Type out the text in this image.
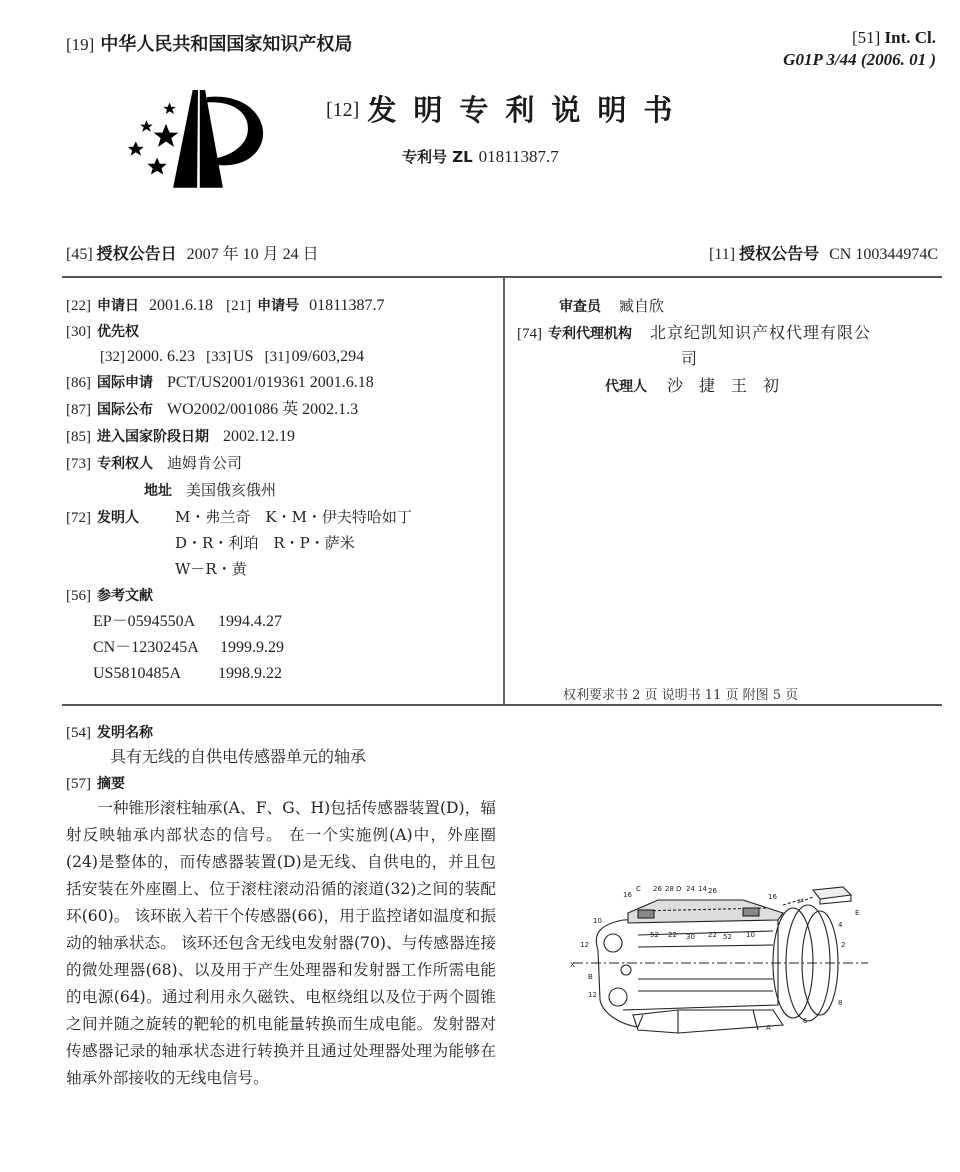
[19] 中华人民共和国国家知识产权局	[51] Int. Cl.
G01P 3/44 (2006. 01 )
[12] 发明专利说明书
专利号 ZL 01811387.7
[45] 授权公告日 2007 年 10 月 24 日	[11] 授权公告号 CN 100344974C
[22] 申请日 2001.6.18 [21] 申请号 01811387.7
[30] 优先权
[32] 2000. 6.23 [33] US [31] 09/603,294
[86] 国际申请 PCT/US2001/019361 2001.6.18
[87] 国际公布 WO2002/001086 英 2002.1.3
[85] 进入国家阶段日期 2002.12.19
[73] 专利权人 迪姆肯公司
地址 美国俄亥俄州
[72] 发明人 M・弗兰奇　K・M・伊夫特哈如丁
D・R・利珀　R・P・萨米
W－R・黄
[56] 参考文献
EP－0594550A 1994.4.27
CN－1230245A 1999.9.29
US5810485A 1998.9.22
审查员 臧自欣
[74] 专利代理机构 北京纪凯知识产权代理有限公
司
代理人 沙　捷　王　初
权利要求书 2 页 说明书 11 页 附图 5 页
[54] 发明名称
具有无线的自供电传感器单元的轴承
[57] 摘要
一种锥形滚柱轴承(A、F、G、H)包括传感器装置(D)，辐射反映轴承内部状态的信号。 在一个实施例(A)中，外座圈(24)是整体的，而传感器装置(D)是无线、自供电的，并且包括安装在外座圈上、位于滚柱滚动沿循的滚道(32)之间的装配环(60)。 该环嵌入若干个传感器(66)，用于监控诸如温度和振动的轴承状态。 该环还包含无线电发射器(70)、与传感器连接的微处理器(68)、以及用于产生处理器和发射器工作所需电能的电源(64)。通过利用永久磁铁、电枢绕组以及位于两个圆锥之间并随之旋转的靶轮的机电能量转换而生成电能。发射器对传感器记录的轴承状态进行转换并且通过处理器处理为能够在轴承外部接收的无线电信号。
C 26 28 D 24 14 26
16	16
10
12
X
B
12
52 22 30 22 52 10
4
2
E
8
6
A
